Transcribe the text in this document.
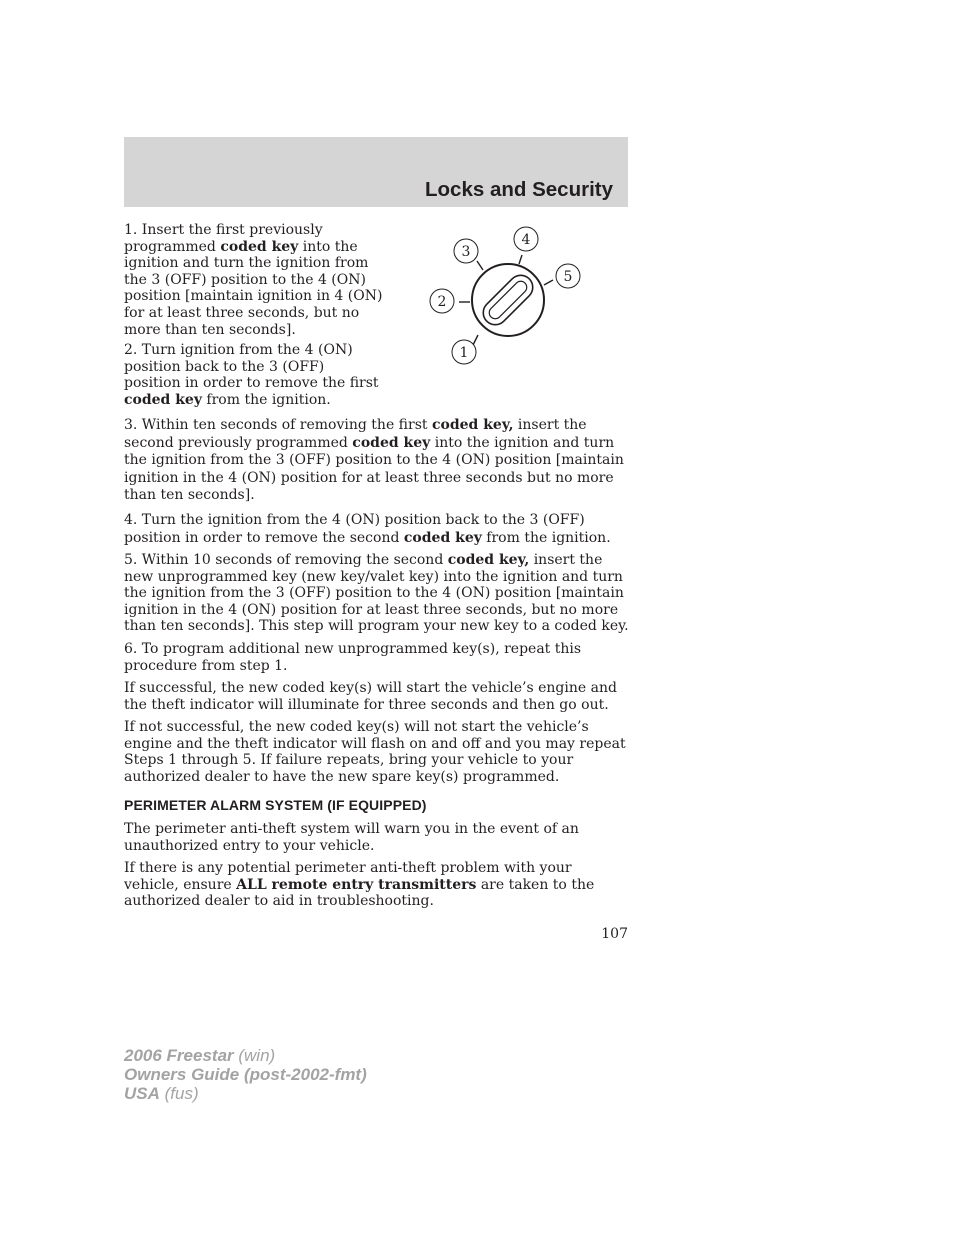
Locks and Security

1. Insert the first previously programmed coded key into the ignition and turn the ignition from the 3 (OFF) position to the 4 (ON) position [maintain ignition in 4 (ON) for at least three seconds, but no more than ten seconds].

2. Turn ignition from the 4 (ON) position back to the 3 (OFF) position in order to remove the first coded key from the ignition.

1
2
3
4
5

3. Within ten seconds of removing the first coded key, insert the second previously programmed coded key into the ignition and turn the ignition from the 3 (OFF) position to the 4 (ON) position [maintain ignition in the 4 (ON) position for at least three seconds but no more than ten seconds].

4. Turn the ignition from the 4 (ON) position back to the 3 (OFF) position in order to remove the second coded key from the ignition.

5. Within 10 seconds of removing the second coded key, insert the new unprogrammed key (new key/valet key) into the ignition and turn the ignition from the 3 (OFF) position to the 4 (ON) position [maintain ignition in the 4 (ON) position for at least three seconds, but no more than ten seconds]. This step will program your new key to a coded key.

6. To program additional new unprogrammed key(s), repeat this procedure from step 1.

If successful, the new coded key(s) will start the vehicle’s engine and the theft indicator will illuminate for three seconds and then go out.

If not successful, the new coded key(s) will not start the vehicle’s engine and the theft indicator will flash on and off and you may repeat Steps 1 through 5. If failure repeats, bring your vehicle to your authorized dealer to have the new spare key(s) programmed.

PERIMETER ALARM SYSTEM (IF EQUIPPED)

The perimeter anti-theft system will warn you in the event of an unauthorized entry to your vehicle.

If there is any potential perimeter anti-theft problem with your vehicle, ensure ALL remote entry transmitters are taken to the authorized dealer to aid in troubleshooting.

107
2006 Freestar (win)
Owners Guide (post-2002-fmt)
USA (fus)
